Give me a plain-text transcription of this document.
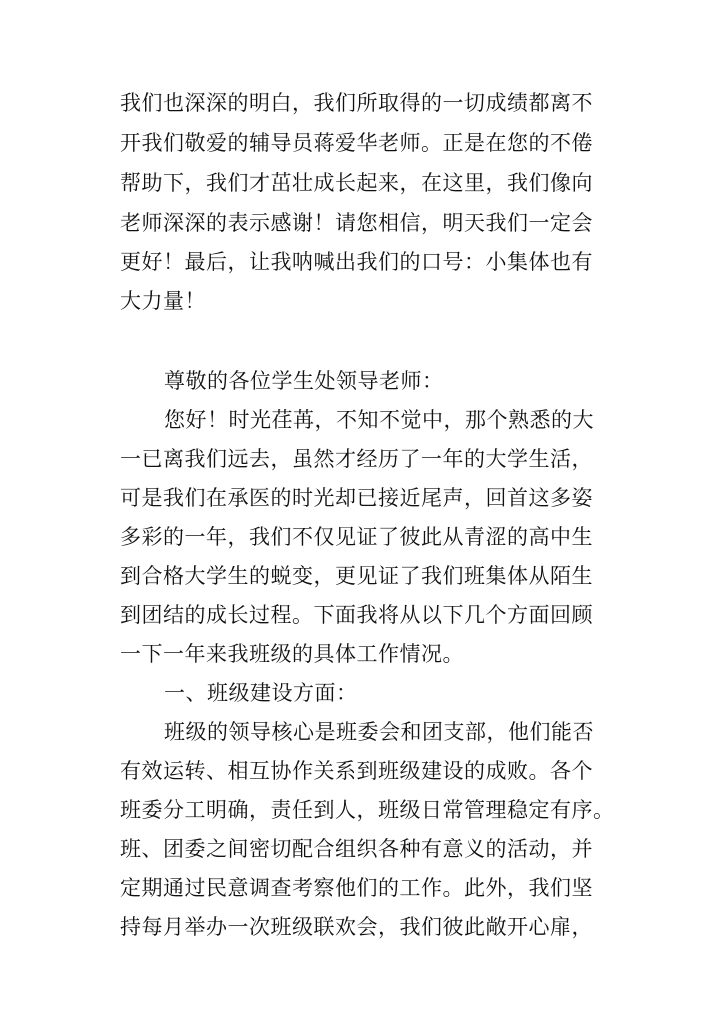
我们也深深的明白，我们所取得的一切成绩都离不
开我们敬爱的辅导员蒋爱华老师。正是在您的不倦
帮助下，我们才茁壮成长起来，在这里，我们像向
老师深深的表示感谢！请您相信，明天我们一定会
更好！最后，让我呐喊出我们的口号：小集体也有
大力量！
尊敬的各位学生处领导老师：
您好！时光荏苒，不知不觉中，那个熟悉的大
一已离我们远去，虽然才经历了一年的大学生活，
可是我们在承医的时光却已接近尾声，回首这多姿
多彩的一年，我们不仅见证了彼此从青涩的高中生
到合格大学生的蜕变，更见证了我们班集体从陌生
到团结的成长过程。下面我将从以下几个方面回顾
一下一年来我班级的具体工作情况。
一、班级建设方面：
班级的领导核心是班委会和团支部，他们能否
有效运转、相互协作关系到班级建设的成败。各个
班委分工明确，责任到人，班级日常管理稳定有序。
班、团委之间密切配合组织各种有意义的活动，并
定期通过民意调查考察他们的工作。此外，我们坚
持每月举办一次班级联欢会，我们彼此敞开心扉，
